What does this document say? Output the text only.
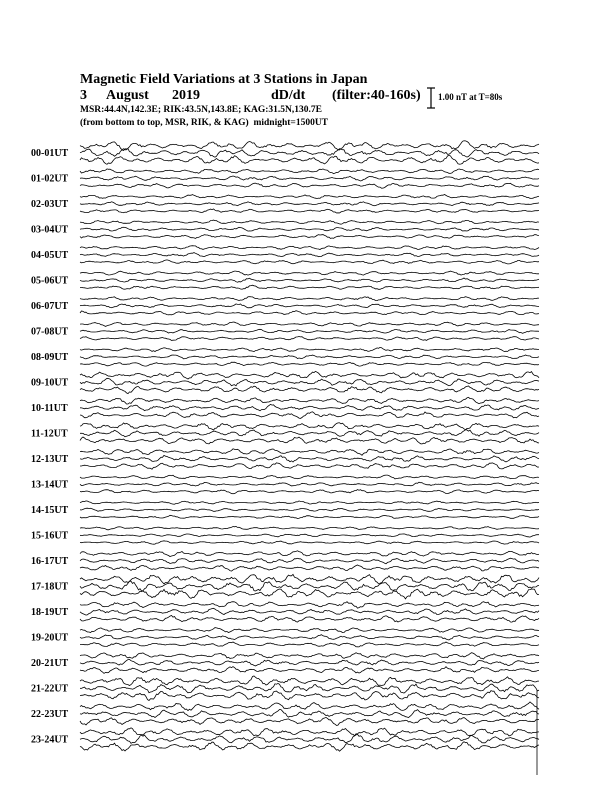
Magnetic Field Variations at 3 Stations in Japan
3 August 2019	dD/dt (filter:40-160s)
MSR:44.4N,142.3E; RIK:43.5N,143.8E; KAG:31.5N,130.7E
(from bottom to top, MSR, RIK, & KAG) midnight=1500UT
1.00 nT at T=80s
00-01UT
01-02UT
02-03UT
03-04UT
04-05UT
05-06UT
06-07UT
07-08UT
08-09UT
09-10UT
10-11UT
11-12UT
12-13UT
13-14UT
14-15UT
15-16UT
16-17UT
17-18UT
18-19UT
19-20UT
20-21UT
21-22UT
22-23UT
23-24UT
